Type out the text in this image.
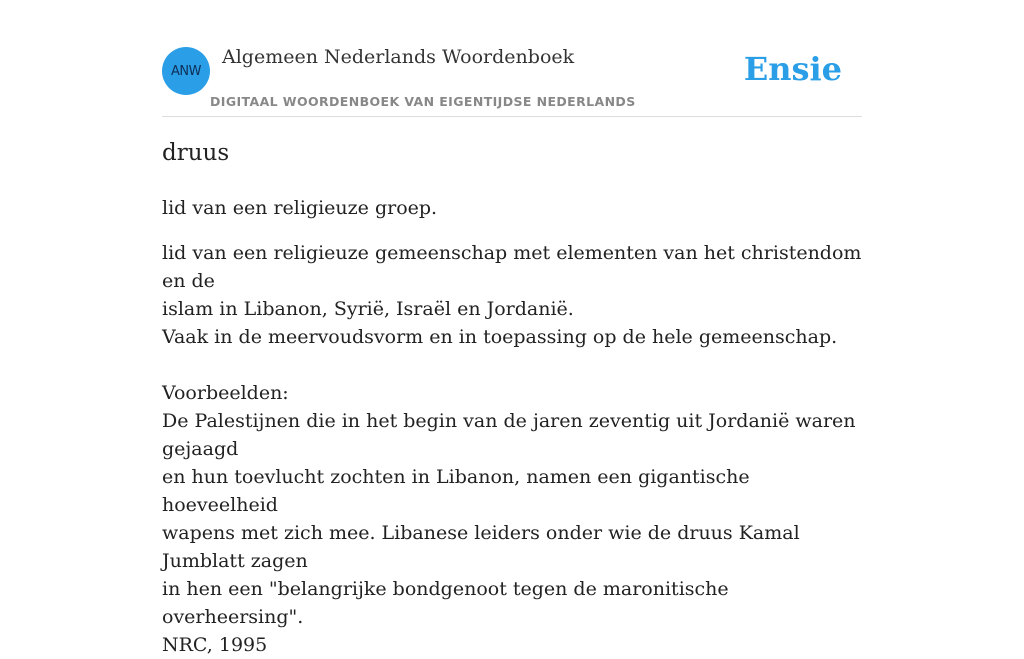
ANW
Algemeen Nederlands Woordenboek
DIGITAAL WOORDENBOEK VAN EIGENTIJDSE NEDERLANDS
Ensie
druus
lid van een religieuze groep.
lid van een religieuze gemeenschap met elementen van het christendom en de
islam in Libanon, Syrië, Israël en Jordanië.
Vaak in de meervoudsvorm en in toepassing op de hele gemeenschap.
Voorbeelden:
De Palestijnen die in het begin van de jaren zeventig uit Jordanië waren gejaagd
en hun toevlucht zochten in Libanon, namen een gigantische hoeveelheid
wapens met zich mee. Libanese leiders onder wie de druus Kamal Jumblatt zagen
in hen een "belangrijke bondgenoot tegen de maronitische overheersing".
NRC, 1995
